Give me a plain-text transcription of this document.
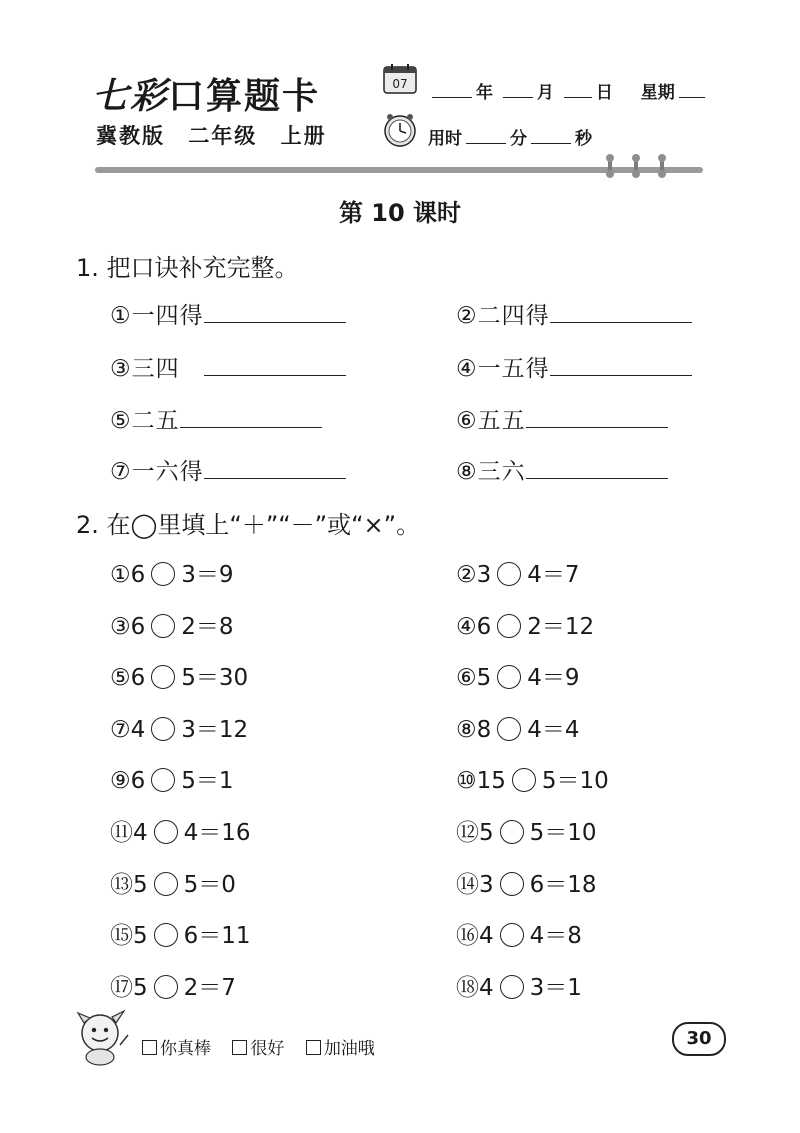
七彩口算题卡
冀教版 二年级 上册
07	年	月 日 星期
用时	分	秒
第 10 课时
1. 把口诀补充完整。
①一四得	②二四得
③三四	④一五得
⑤二五	⑥五五
⑦一六得	⑧三六
2. 在◯里填上“＋”“－”或“×”。
①6 3＝9	②3 4＝7
③6 2＝8	④6 2＝12
⑤6 5＝30	⑥5 4＝9
⑦4 3＝12	⑧8 4＝4
⑨6 5＝1	⑩15 5＝10
⑪4 4＝16	⑫5 5＝10
⑬5 5＝0	⑭3 6＝18
⑮5 6＝11	⑯4 4＝8
⑰5 2＝7	⑱4 3＝1
你真棒 很好 加油哦	30
